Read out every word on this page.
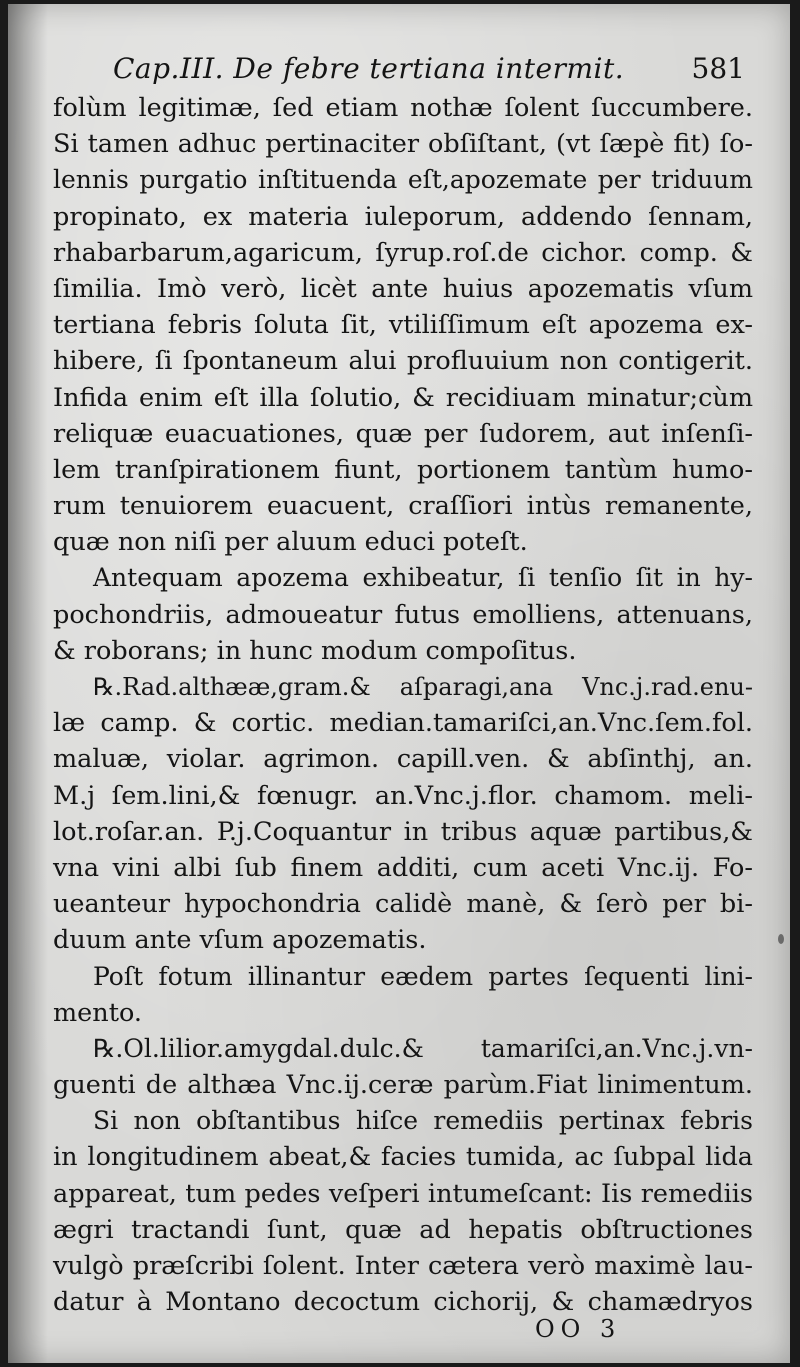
Cap.III. De febre tertiana intermit. 581
folùm legitimæ, ſed etiam nothæ ſolent ſuccumbere.
Si tamen adhuc pertinaciter obſiſtant, (vt ſæpè fit) ſo-
lennis purgatio inſtituenda eſt,apozemate per triduum
propinato, ex materia iuleporum, addendo ſennam,
rhabarbarum,agaricum, ſyrup.roſ.de cichor. comp. &
ſimilia. Imò verò, licèt ante huius apozematis vſum
tertiana febris ſoluta ſit, vtiliſſimum eſt apozema ex-
hibere, ſi ſpontaneum alui profluuium non contigerit.
Infida enim eſt illa ſolutio, & recidiuam minatur;cùm
reliquæ euacuationes, quæ per ſudorem, aut inſenſi-
lem tranſpirationem fiunt, portionem tantùm humo-
rum tenuiorem euacuent, craſſiori intùs remanente,
quæ non niſi per aluum educi poteſt.
Antequam apozema exhibeatur, ſi tenſio ſit in hy-
pochondriis, admoueatur futus emolliens, attenuans,
& roborans; in hunc modum compoſitus.
℞.Rad.althææ,gram.& aſparagi,ana Vnc.j.rad.enu-
læ camp. & cortic. median.tamariſci,an.Vnc.ſem.fol.
maluæ, violar. agrimon. capill.ven. & abſinthj, an.
M.j ſem.lini,& fœnugr. an.Vnc.j.flor. chamom. meli-
lot.roſar.an. P.j.Coquantur in tribus aquæ partibus,&
vna vini albi ſub finem additi, cum aceti Vnc.ij. Fo-
ueanteur hypochondria calidè manè, & ſerò per bi-
duum ante vſum apozematis.
Poſt fotum illinantur eædem partes ſequenti lini-
mento.
℞.Ol.lilior.amygdal.dulc.& tamariſci,an.Vnc.j.vn-
guenti de althæa Vnc.ij.ceræ parùm.Fiat linimentum.
Si non obſtantibus hiſce remediis pertinax febris
in longitudinem abeat,& facies tumida, ac ſubpal lida
appareat, tum pedes veſperi intumeſcant: Iis remediis
ægri tractandi ſunt, quæ ad hepatis obſtructiones
vulgò præſcribi ſolent. Inter cætera verò maximè lau-
datur à Montano decoctum cichorij, & chamædryos
OO 3
